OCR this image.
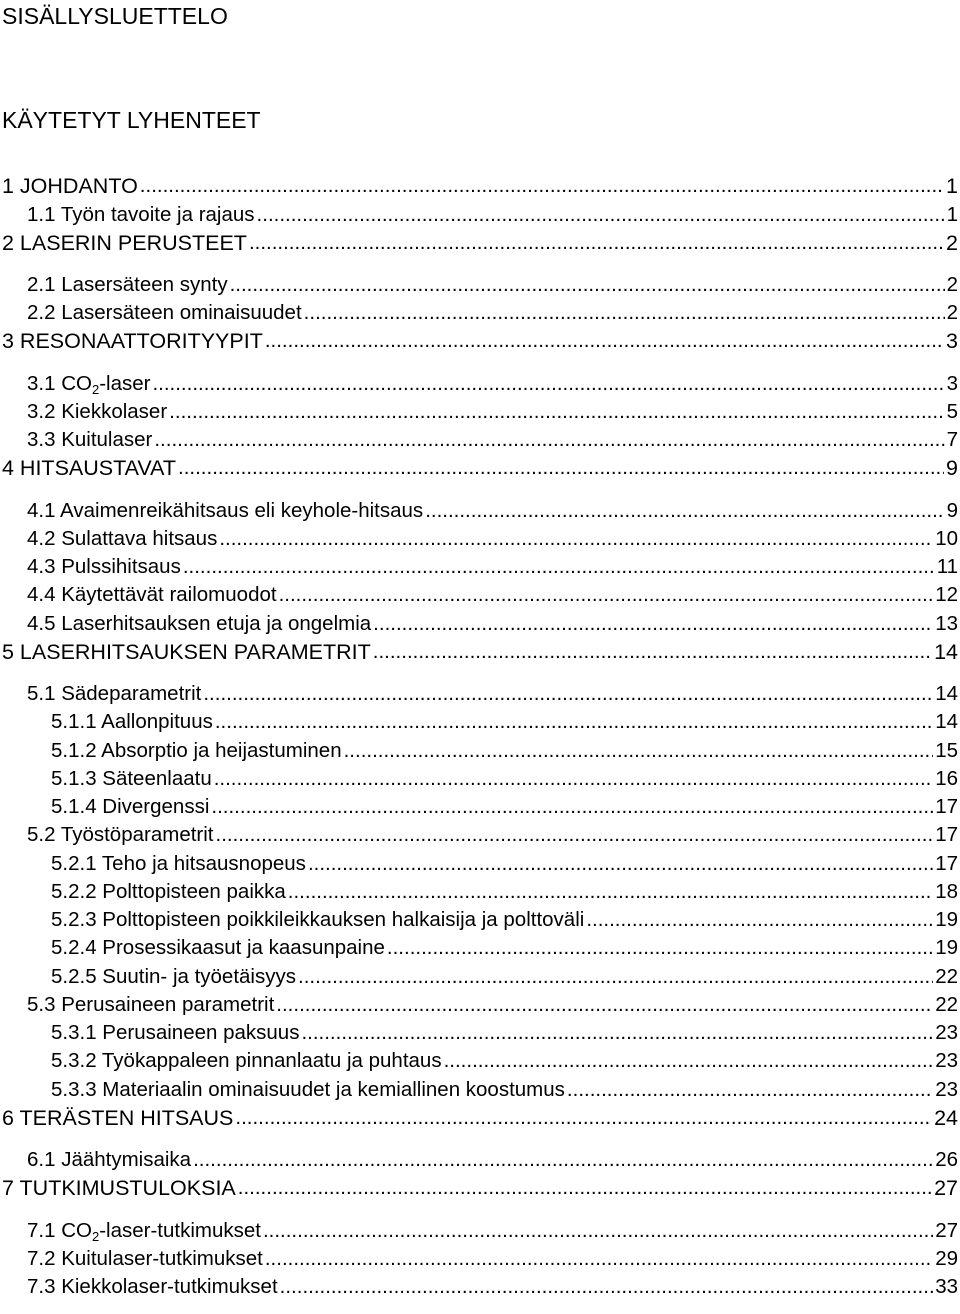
SISÄLLYSLUETTELO
KÄYTETYT LYHENTEET
1 JOHDANTO .....	1
1.1 Työn tavoite ja rajaus .....	1
2 LASERIN PERUSTEET .....	2
2.1 Lasersäteen synty .....	2
2.2 Lasersäteen ominaisuudet .....	2
3 RESONAATTORITYYPIT .....	3
3.1 $CO_2$-laser .....	3
3.2 Kiekkolaser .....	5
3.3 Kuitulaser .....	7
4 HITSAUSTAVAT .....	9
4.1 Avaimenreikähitsaus eli keyhole-hitsaus .....	9
4.2 Sulattava hitsaus .....	10
4.3 Pulssihitsaus .....	11
4.4 Käytettävät railomuodot .....	12
4.5 Laserhitsauksen etuja ja ongelmia .....	13
5 LASERHITSAUKSEN PARAMETRIT .....	14
5.1 Sädeparametrit .....	14
5.1.1 Aallonpituus .....	14
5.1.2 Absorptio ja heijastuminen .....	15
5.1.3 Säteenlaatu .....	16
5.1.4 Divergenssi .....	17
5.2 Työstöparametrit .....	17
5.2.1 Teho ja hitsausnopeus .....	17
5.2.2 Polttopisteen paikka .....	18
5.2.3 Polttopisteen poikkileikkauksen halkaisija ja polttoväli .....	19
5.2.4 Prosessikaasut ja kaasunpaine .....	19
5.2.5 Suutin- ja työetäisyys .....	22
5.3 Perusaineen parametrit .....	22
5.3.1 Perusaineen paksuus .....	23
5.3.2 Työkappaleen pinnanlaatu ja puhtaus .....	23
5.3.3 Materiaalin ominaisuudet ja kemiallinen koostumus .....	23
6 TERÄSTEN HITSAUS .....	24
6.1 Jäähtymisaika .....	26
7 TUTKIMUSTULOKSIA .....	27
7.1 $CO_2-laser$-tutkimukset .....	27
7.2 Kuitulaser-tutkimukset .....	29
7.3 Kiekkolaser-tutkimukset .....	33
